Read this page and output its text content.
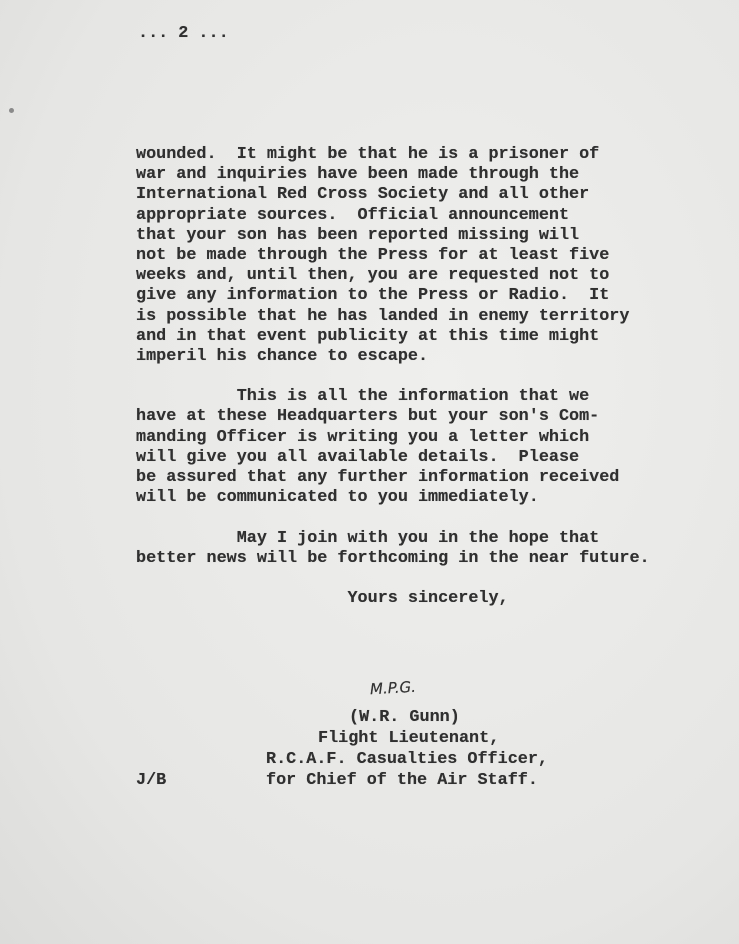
... 2 ...
wounded.  It might be that he is a prisoner of
war and inquiries have been made through the
International Red Cross Society and all other
appropriate sources.  Official announcement
that your son has been reported missing will
not be made through the Press for at least five
weeks and, until then, you are requested not to
give any information to the Press or Radio.  It
is possible that he has landed in enemy territory
and in that event publicity at this time might
imperil his chance to escape.
This is all the information that we
have at these Headquarters but your son's Com-
manding Officer is writing you a letter which
will give you all available details.  Please
be assured that any further information received
will be communicated to you immediately.
May I join with you in the hope that
better news will be forthcoming in the near future.
Yours sincerely,
M.P.G.

(W.R. Gunn)

Flight Lieutenant,

R.C.A.F. Casualties Officer,

for Chief of the Air Staff.

J/B
